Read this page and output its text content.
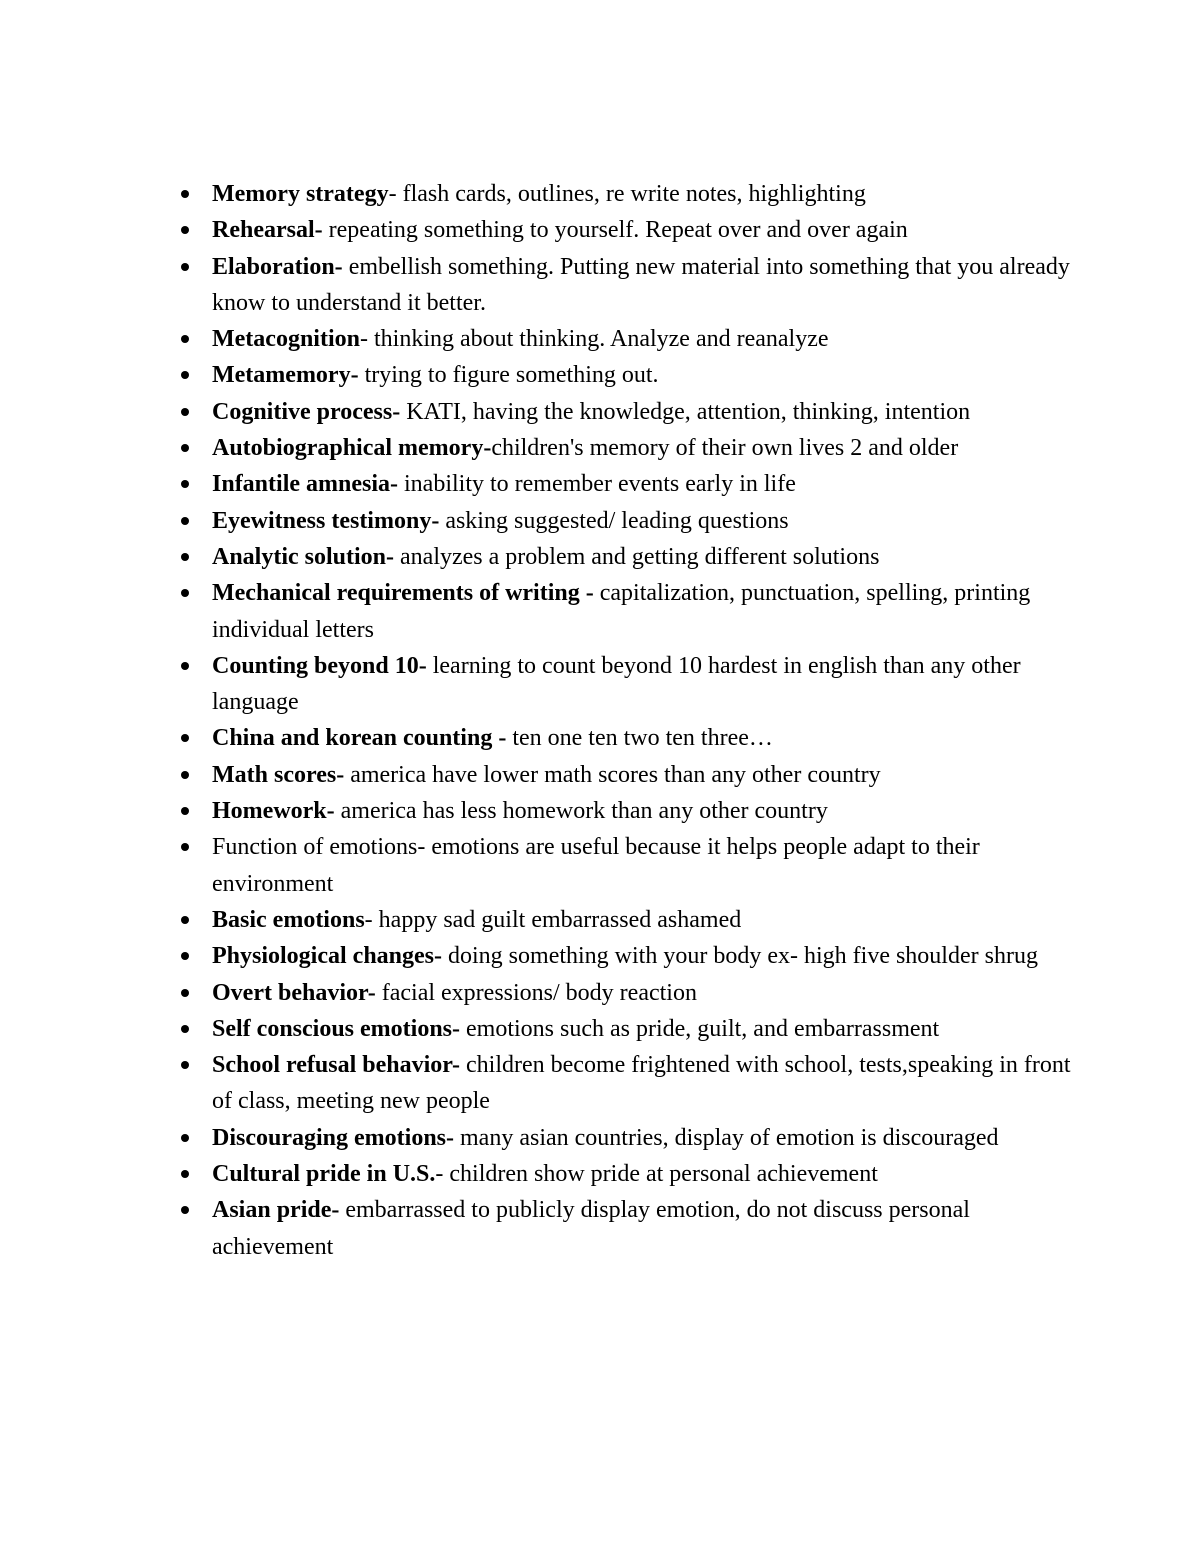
Memory strategy- flash cards, outlines, re write notes, highlighting
Rehearsal- repeating something to yourself. Repeat over and over again
Elaboration- embellish something. Putting new material into something that you already know to understand it better.
Metacognition- thinking about thinking. Analyze and reanalyze
Metamemory- trying to figure something out.
Cognitive process- KATI, having the knowledge, attention, thinking, intention
Autobiographical memory-children's memory of their own lives 2 and older
Infantile amnesia- inability to remember events early in life
Eyewitness testimony- asking suggested/ leading questions
Analytic solution- analyzes a problem and getting different solutions
Mechanical requirements of writing - capitalization, punctuation, spelling, printing individual letters
Counting beyond 10- learning to count beyond 10 hardest in english than any other language
China and korean counting - ten one ten two ten three…
Math scores- america have lower math scores than any other country
Homework- america has less homework than any other country
Function of emotions- emotions are useful because it helps people adapt to their environment
Basic emotions- happy sad guilt embarrassed ashamed
Physiological changes- doing something with your body ex- high five shoulder shrug
Overt behavior- facial expressions/ body reaction
Self conscious emotions- emotions such as pride, guilt, and embarrassment
School refusal behavior- children become frightened with school, tests,speaking in front of class, meeting new people
Discouraging emotions- many asian countries, display of emotion is discouraged
Cultural pride in U.S.- children show pride at personal achievement
Asian pride- embarrassed to publicly display emotion, do not discuss personal achievement
